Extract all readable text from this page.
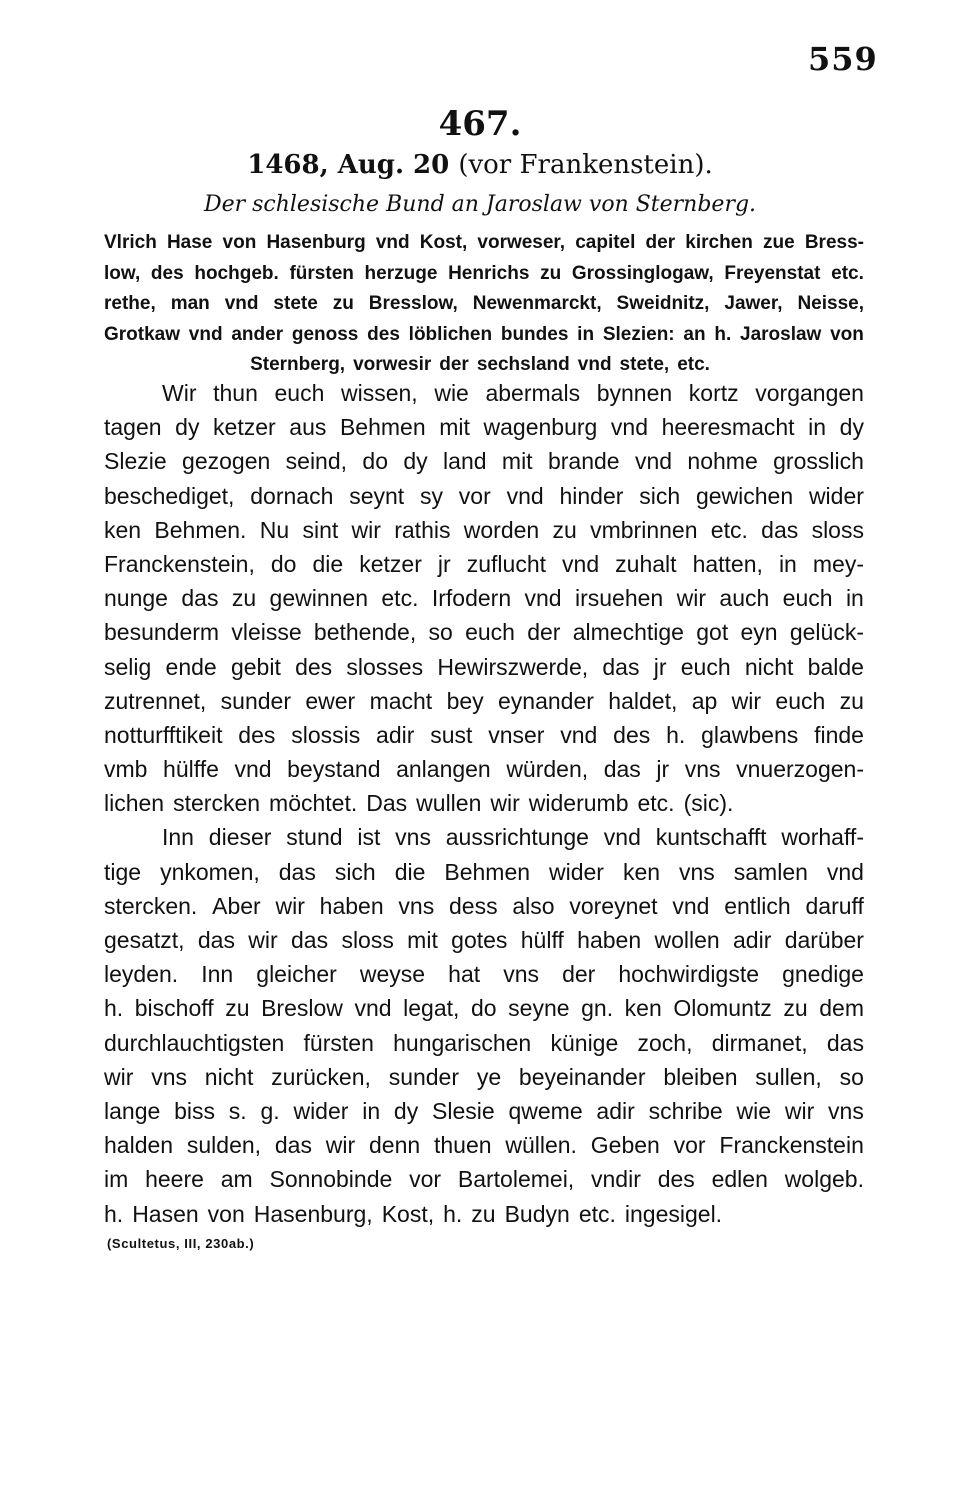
559
467.
1468, Aug. 20 (vor Frankenstein).
Der schlesische Bund an Jaroslaw von Sternberg.
Vlrich Hase von Hasenburg vnd Kost, vorweser, capitel der kirchen zue Bress-
low, des hochgeb. fürsten herzuge Henrichs zu Grossinglogaw, Freyenstat etc.
rethe, man vnd stete zu Bresslow, Newenmarckt, Sweidnitz, Jawer, Neisse,
Grotkaw vnd ander genoss des löblichen bundes in Slezien: an h. Jaroslaw von
Sternberg, vorwesir der sechsland vnd stete, etc.
Wir thun euch wissen, wie abermals bynnen kortz vorgangen
tagen dy ketzer aus Behmen mit wagenburg vnd heeresmacht in dy
Slezie gezogen seind, do dy land mit brande vnd nohme grosslich
beschediget, dornach seynt sy vor vnd hinder sich gewichen wider
ken Behmen. Nu sint wir rathis worden zu vmbrinnen etc. das sloss
Franckenstein, do die ketzer jr zuflucht vnd zuhalt hatten, in mey-
nunge das zu gewinnen etc. Irfodern vnd irsuehen wir auch euch in
besunderm vleisse bethende, so euch der almechtige got eyn gelück-
selig ende gebit des slosses Hewirszwerde, das jr euch nicht balde
zutrennet, sunder ewer macht bey eynander haldet, ap wir euch zu
notturfftikeit des slossis adir sust vnser vnd des h. glawbens finde
vmb hülffe vnd beystand anlangen würden, das jr vns vnuerzogen-
lichen stercken möchtet. Das wullen wir widerumb etc. (sic).
Inn dieser stund ist vns aussrichtunge vnd kuntschafft worhaff-
tige ynkomen, das sich die Behmen wider ken vns samlen vnd
stercken. Aber wir haben vns dess also voreynet vnd entlich daruff
gesatzt, das wir das sloss mit gotes hülff haben wollen adir darüber
leyden. Inn gleicher weyse hat vns der hochwirdigste gnedige
h. bischoff zu Breslow vnd legat, do seyne gn. ken Olomuntz zu dem
durchlauchtigsten fürsten hungarischen künige zoch, dirmanet, das
wir vns nicht zurücken, sunder ye beyeinander bleiben sullen, so
lange biss s. g. wider in dy Slesie qweme adir schribe wie wir vns
halden sulden, das wir denn thuen wüllen. Geben vor Franckenstein
im heere am Sonnobinde vor Bartolemei, vndir des edlen wolgeb.
h. Hasen von Hasenburg, Kost, h. zu Budyn etc. ingesigel.
(Scultetus, III, 230ab.)
